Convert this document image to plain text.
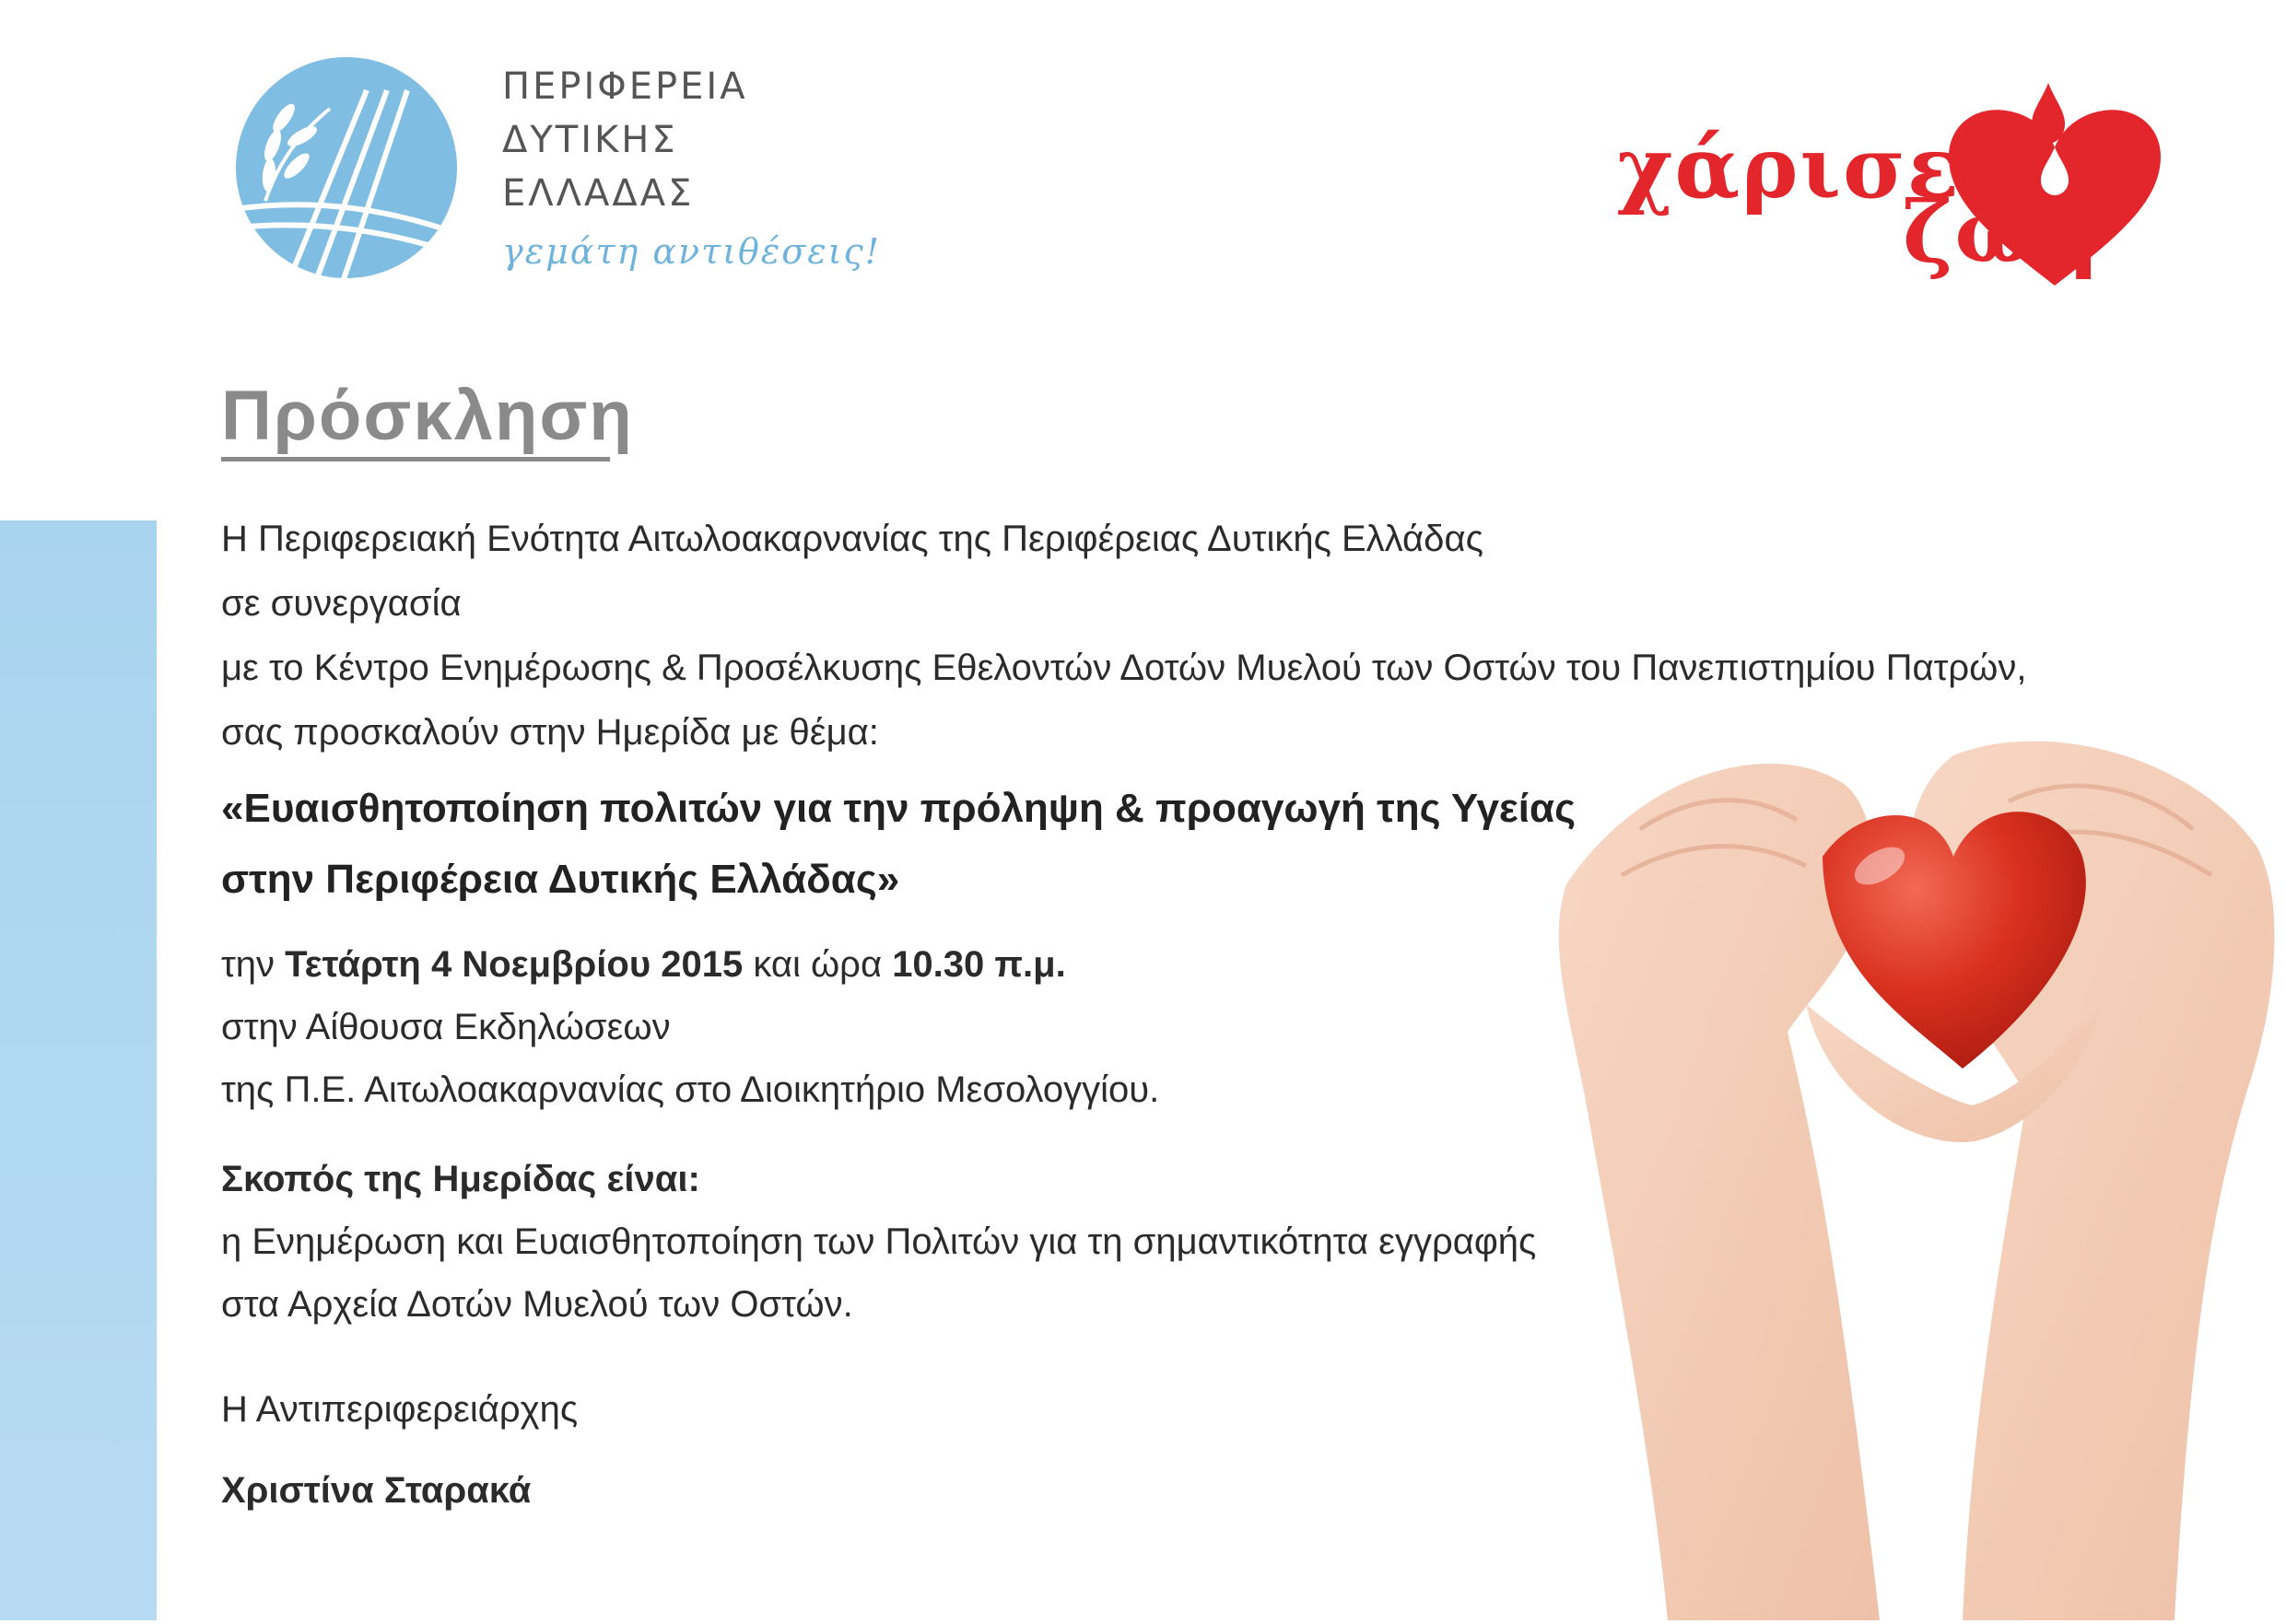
ΠΕΡΙΦΕΡΕΙΑ
ΔΥΤΙΚΗΣ
ΕΛΛΑΔΑΣ
γεμάτη αντιθέσεις!
χάρισε
ζωή
Πρόσκληση
Η Περιφερειακή Ενότητα Αιτωλοακαρνανίας της Περιφέρειας Δυτικής Ελλάδας
σε συνεργασία
με το Κέντρο Ενημέρωσης & Προσέλκυσης Εθελοντών Δοτών Μυελού των Οστών του Πανεπιστημίου Πατρών,
σας προσκαλούν στην Ημερίδα με θέμα:
«Ευαισθητοποίηση πολιτών για την πρόληψη & προαγωγή της Υγείας
στην Περιφέρεια Δυτικής Ελλάδας»
την Τετάρτη 4 Νοεμβρίου 2015 και ώρα 10.30 π.μ.
στην Αίθουσα Εκδηλώσεων
της Π.Ε. Αιτωλοακαρνανίας στο Διοικητήριο Μεσολογγίου.
Σκοπός της Ημερίδας είναι:
η Ενημέρωση και Ευαισθητοποίηση των Πολιτών για τη σημαντικότητα εγγραφής
στα Αρχεία Δοτών Μυελού των Οστών.
Η Αντιπεριφερειάρχης
Χριστίνα Σταρακά
